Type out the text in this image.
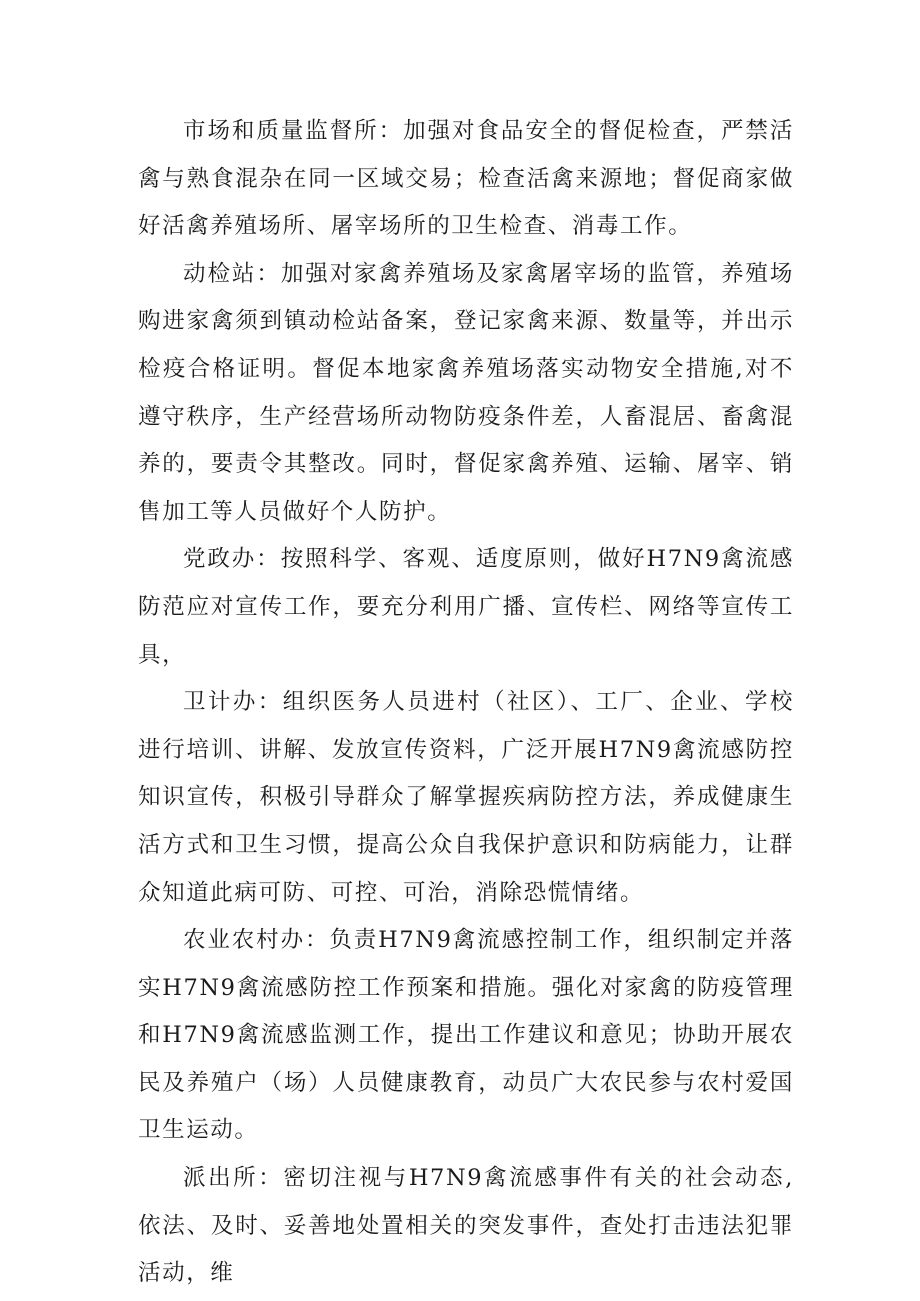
市场和质量监督所：加强对食品安全的督促检查，严禁活禽与熟食混杂在同一区域交易；检查活禽来源地；督促商家做好活禽养殖场所、屠宰场所的卫生检查、消毒工作。

动检站：加强对家禽养殖场及家禽屠宰场的监管，养殖场购进家禽须到镇动检站备案，登记家禽来源、数量等，并出示检疫合格证明。督促本地家禽养殖场落实动物安全措施,对不遵守秩序，生产经营场所动物防疫条件差，人畜混居、畜禽混养的，要责令其整改。同时，督促家禽养殖、运输、屠宰、销售加工等人员做好个人防护。

党政办：按照科学、客观、适度原则，做好H7N9禽流感防范应对宣传工作，要充分利用广播、宣传栏、网络等宣传工具，

卫计办：组织医务人员进村（社区）、工厂、企业、学校进行培训、讲解、发放宣传资料，广泛开展H7N9禽流感防控知识宣传，积极引导群众了解掌握疾病防控方法，养成健康生活方式和卫生习惯，提高公众自我保护意识和防病能力，让群众知道此病可防、可控、可治，消除恐慌情绪。

农业农村办：负责H7N9禽流感控制工作，组织制定并落实H7N9禽流感防控工作预案和措施。强化对家禽的防疫管理和H7N9禽流感监测工作，提出工作建议和意见；协助开展农民及养殖户（场）人员健康教育，动员广大农民参与农村爱国卫生运动。

派出所：密切注视与H7N9禽流感事件有关的社会动态,依法、及时、妥善地处置相关的突发事件，查处打击违法犯罪活动，维
